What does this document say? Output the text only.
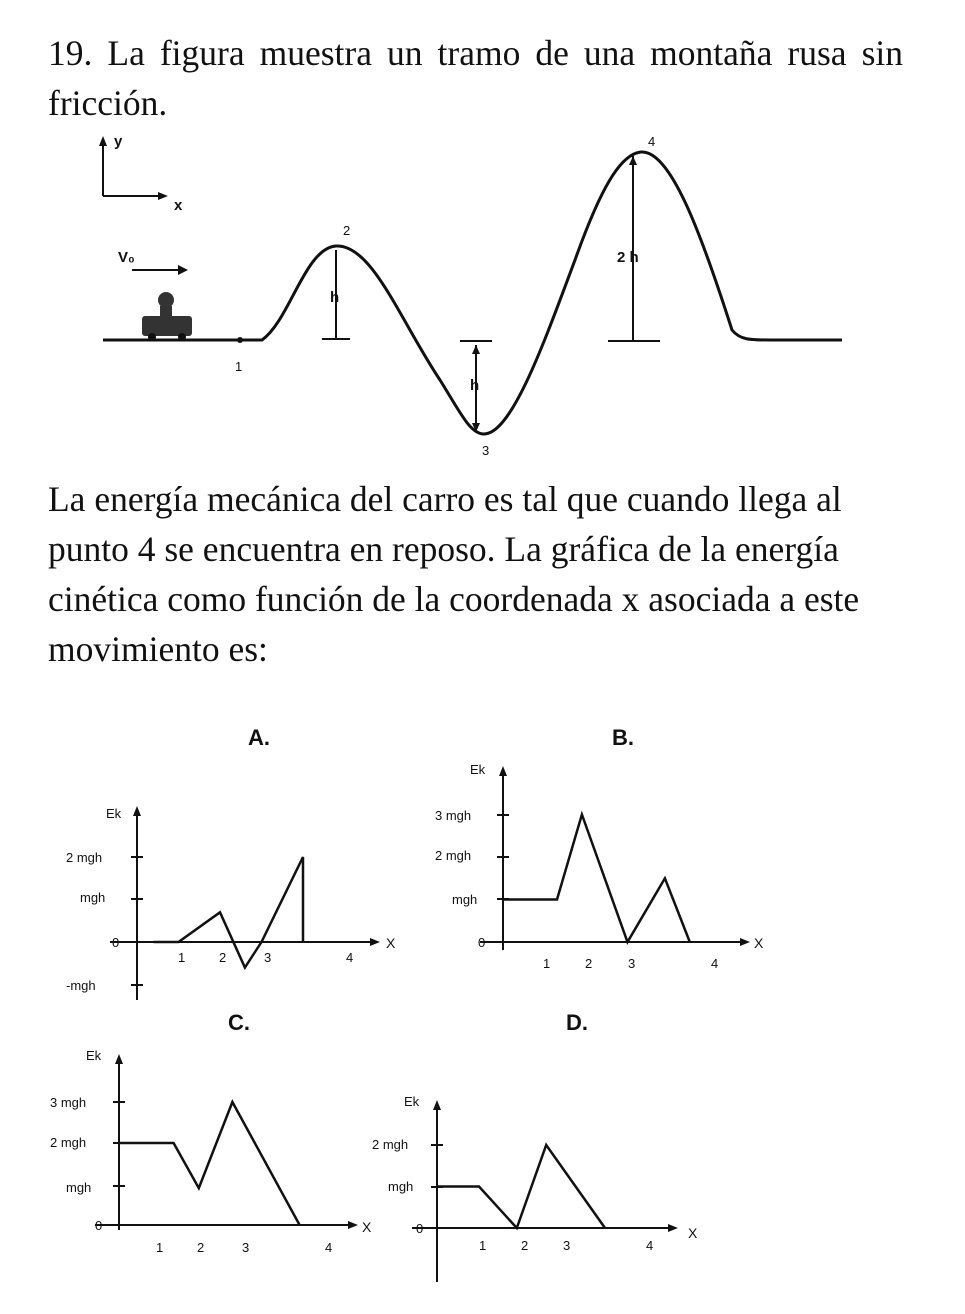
19. La figura muestra un tramo de una montaña rusa sin fricción.

y
x
V₀
1
2
h
h
3
4
2 h

La energía mecánica del carro es tal que cuando llega al punto 4 se encuentra en reposo. La gráfica de la energía cinética como función de la coordenada x asociada a este movimiento es:

A.	B.
C.	D.
Ek
X
2 mgh
mgh
0
-mgh
1	2	3	4
Ek
X
3 mgh
2 mgh
mgh
0
1	2	3	4
Ek
X
3 mgh
2 mgh
mgh
0
1	2	3	4
Ek
X
2 mgh
mgh
0
1	2	3	4
